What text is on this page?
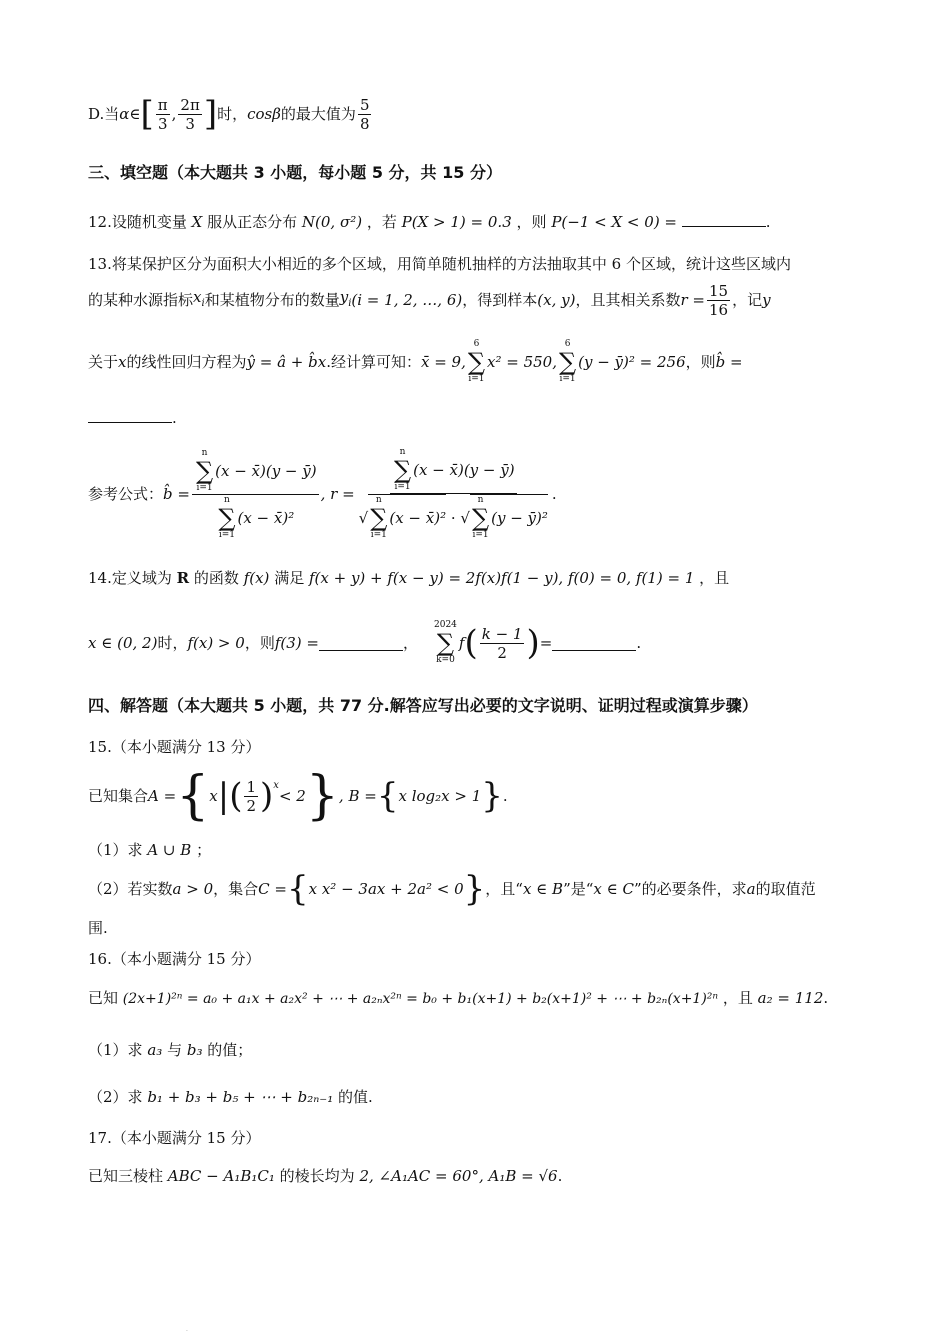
D.当 α ∈ [ $\frac{\pi}{3}$ , $\frac{2\pi}{3}$ ] 时， cosβ 的最大值为 $\frac{5}{8}$
三、填空题（本大题共 3 小题，每小题 5 分，共 15 分）
12.设随机变量 X 服从正态分布 N(0, σ²) ，若 P(X > 1) = 0.3 ，则 P(−1 < X < 0) =	.
13.将某保护区分为面积大小相近的多个区域，用简单随机抽样的方法抽取其中 6 个区域，统计这些区域内
的某种水源指标 $x_i$ 和某植物分布的数量 $y_i$ (i = 1, 2, …, 6) ，得到样本 (x, y) ，且其相关系数 $r = \frac{15}{16}$ ，记 y
关于 x 的线性回归方程为 ŷ = â + b̂x .经计算可知： x̄ = 9,
6
∑
i=1
x² = 550,
6
∑
i=1
(y − ȳ)² = 256 ，则 b̂ =
.
参考公式： b̂ = n
∑
i=1
(x − x̄)(y − ȳ)
n
∑
i=1
(x − x̄)² , r = n
∑
i=1
(x − x̄)(y − ȳ)
√
n
∑
i=1
(x − x̄)² · √
n
∑
i=1
(y − ȳ)² .
14.定义域为 R 的函数 f(x) 满足 f(x + y) + f(x − y) = 2f(x)f(1 − y), f(0) = 0, f(1) = 1 ，且
x ∈ (0, 2) 时， f(x) > 0 ，则 f(3) =	，
2024
∑
k=0
f ( $\frac{k - 1}{2}$ ) =	.
四、解答题（本大题共 5 小题，共 77 分.解答应写出必要的文字说明、证明过程或演算步骤）
15.（本小题满分 13 分）
已知集合 A = { x | ( $\frac{1}{2} )^x$
< 2 } , B = { x log₂x > 1 } .
（1）求 A ∪ B ；
（2）若实数 a > 0 ，集合 C = { x x² − 3ax + 2a² < 0 } ，且“ x ∈ B ”是“ x ∈ C ”的必要条件，求 a 的取值范
围.
16.（本小题满分 15 分）
已知 (2x+1)²ⁿ = a₀ + a₁x + a₂x² + ⋯ + a₂ₙx²ⁿ = b₀ + b₁(x+1) + b₂(x+1)² + ⋯ + b₂ₙ(x+1)²ⁿ ，且 a₂ = 112.
（1）求 a₃ 与 b₃ 的值；
（2）求 b₁ + b₃ + b₅ + ⋯ + b₂ₙ₋₁ 的值.
17.（本小题满分 15 分）
已知三棱柱 ABC − A₁B₁C₁ 的棱长均为 2, ∠A₁AC = 60°, A₁B = √6.
·
